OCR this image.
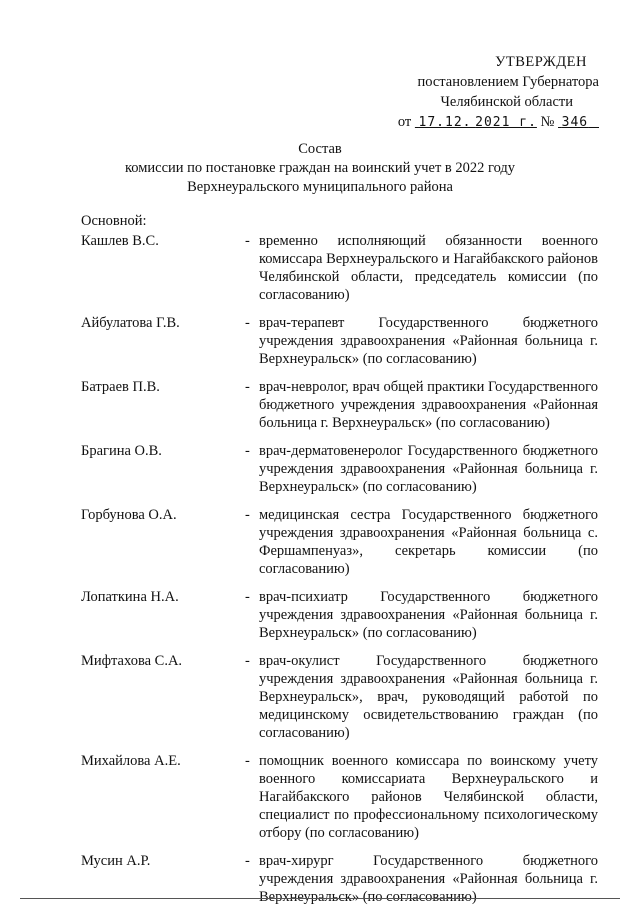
УТВЕРЖДЕН
постановлением Губернатора
Челябинской области
от 17.12. 2021 г. № 346
Состав
комиссии по постановке граждан на воинский учет в 2022 году
Верхнеуральского муниципального района
Основной:
Кашлев В.С.	- временно исполняющий обязанности военного комиссара Верхнеуральского и Нагайбакского районов Челябинской области, председатель комиссии (по согласованию)
Айбулатова Г.В.	- врач-терапевт Государственного бюджетного учреждения здравоохранения «Районная больница г. Верхнеуральск» (по согласованию)
Батраев П.В.	- врач-невролог, врач общей практики Государственного бюджетного учреждения здравоохранения «Районная больница г. Верхнеуральск» (по согласованию)
Брагина О.В.	- врач-дерматовенеролог Государственного бюджетного учреждения здравоохранения «Районная больница г. Верхнеуральск» (по согласованию)
Горбунова О.А.	- медицинская сестра Государственного бюджетного учреждения здравоохранения «Районная больница с. Фершампенуаз», секретарь комиссии (по согласованию)
Лопаткина Н.А.	- врач-психиатр Государственного бюджетного учреждения здравоохранения «Районная больница г. Верхнеуральск» (по согласованию)
Мифтахова С.А.	- врач-окулист Государственного бюджетного учреждения здравоохранения «Районная больница г. Верхнеуральск», врач, руководящий работой по медицинскому освидетельствованию граждан (по согласованию)
Михайлова А.Е.	- помощник военного комиссара по воинскому учету военного комиссариата Верхнеуральского и Нагайбакского районов Челябинской области, специалист по профессиональному психологическому отбору (по согласованию)
Мусин А.Р.	- врач-хирург Государственного бюджетного учреждения здравоохранения «Районная больница г. Верхнеуральск» (по согласованию)
